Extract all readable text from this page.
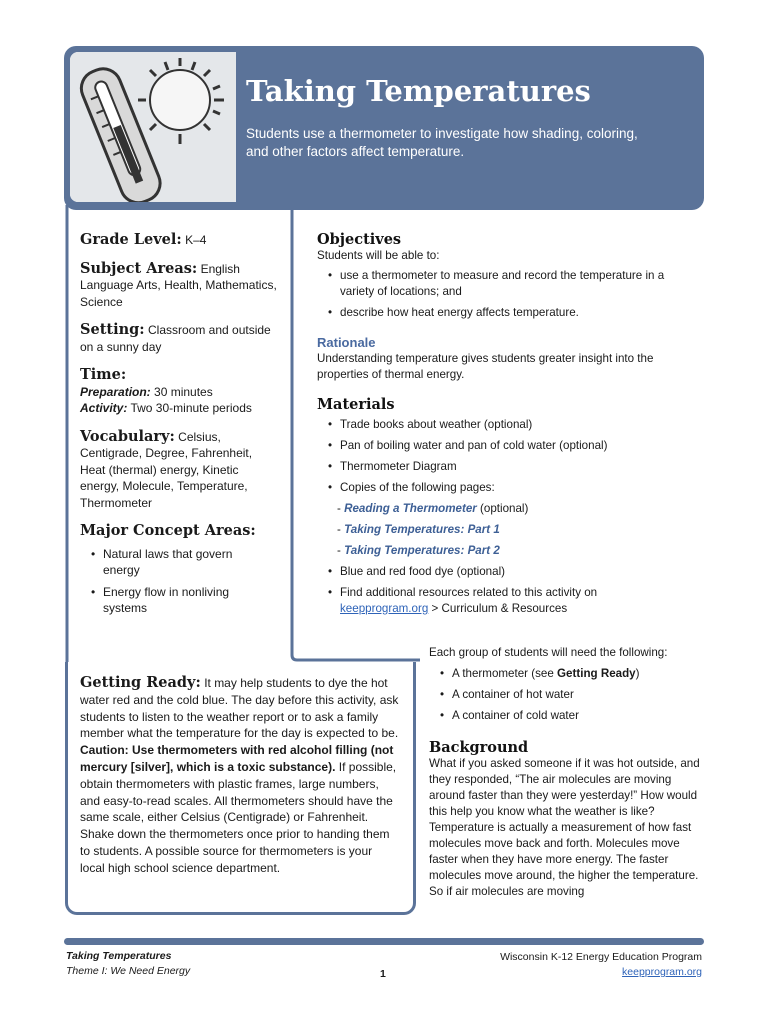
Taking Temperatures
Students use a thermometer to investigate how shading, coloring, and other factors affect temperature.
Grade Level: K–4
Subject Areas: English Language Arts, Health, Mathematics, Science
Setting: Classroom and outside on a sunny day
Time:
Preparation: 30 minutes
Activity: Two 30-minute periods
Vocabulary: Celsius, Centigrade, Degree, Fahrenheit, Heat (thermal) energy, Kinetic energy, Molecule, Temperature, Thermometer
Major Concept Areas:
• Natural laws that govern energy
• Energy flow in nonliving systems
Objectives
Students will be able to:
• use a thermometer to measure and record the temperature in a variety of locations; and
• describe how heat energy affects temperature.
Rationale
Understanding temperature gives students greater insight into the properties of thermal energy.
Materials
• Trade books about weather (optional)
• Pan of boiling water and pan of cold water (optional)
• Thermometer Diagram
• Copies of the following pages:
- Reading a Thermometer (optional)
- Taking Temperatures: Part 1
- Taking Temperatures: Part 2
• Blue and red food dye (optional)
• Find additional resources related to this activity on
keepprogram.org > Curriculum & Resources
Each group of students will need the following:
• A thermometer (see Getting Ready)
• A container of hot water
• A container of cold water
Getting Ready: It may help students to dye the hot water red and the cold blue. The day before this activity, ask students to listen to the weather report or to ask a family member what the temperature for the day is expected to be. Caution: Use thermometers with red alcohol filling (not mercury [silver], which is a toxic substance). If possible, obtain thermometers with plastic frames, large numbers, and easy-to-read scales. All thermometers should have the same scale, either Celsius (Centigrade) or Fahrenheit. Shake down the thermometers once prior to handing them to students. A possible source for thermometers is your local high school science department.
Background
What if you asked someone if it was hot outside, and they responded, “The air molecules are moving around faster than they were yesterday!” How would this help you know what the weather is like? Temperature is actually a measurement of how fast molecules move back and forth. Molecules move faster when they have more energy. The faster molecules move around, the higher the temperature. So if air molecules are moving
Taking Temperatures
Theme I: We Need Energy	1
Wisconsin K-12 Energy Education Program
keepprogram.org
